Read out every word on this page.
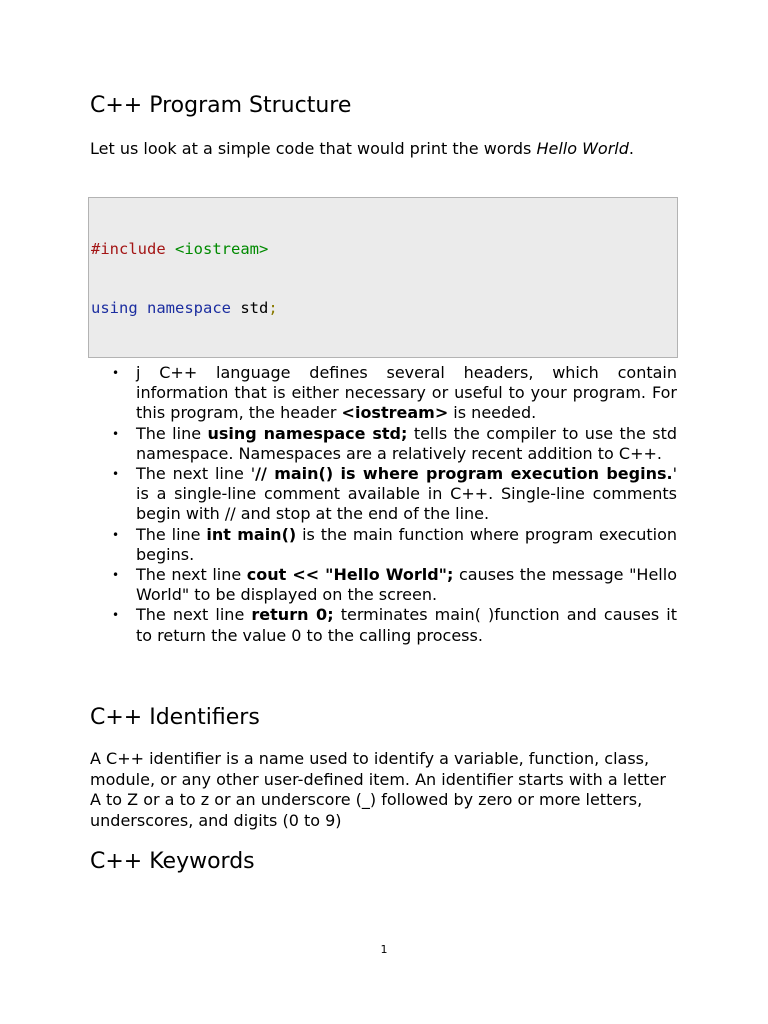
C++ Program Structure

Let us look at a simple code that would print the words Hello World.

#include <iostream>

using namespace std;

• j C++ language defines several headers, which contain information that is either necessary or useful to your program. For this program, the header <iostream> is needed.
• The line using namespace std; tells the compiler to use the std namespace. Namespaces are a relatively recent addition to C++.
• The next line '// main() is where program execution begins.' is a single-line comment available in C++. Single-line comments begin with // and stop at the end of the line.
• The line int main() is the main function where program execution begins.
• The next line cout << "Hello World"; causes the message "Hello World" to be displayed on the screen.
• The next line return 0; terminates main( )function and causes it to return the value 0 to the calling process.
C++ Identifiers

A C++ identifier is a name used to identify a variable, function, class, module, or any other user-defined item. An identifier starts with a letter A to Z or a to z or an underscore (_) followed by zero or more letters, underscores, and digits (0 to 9)

C++ Keywords
1
